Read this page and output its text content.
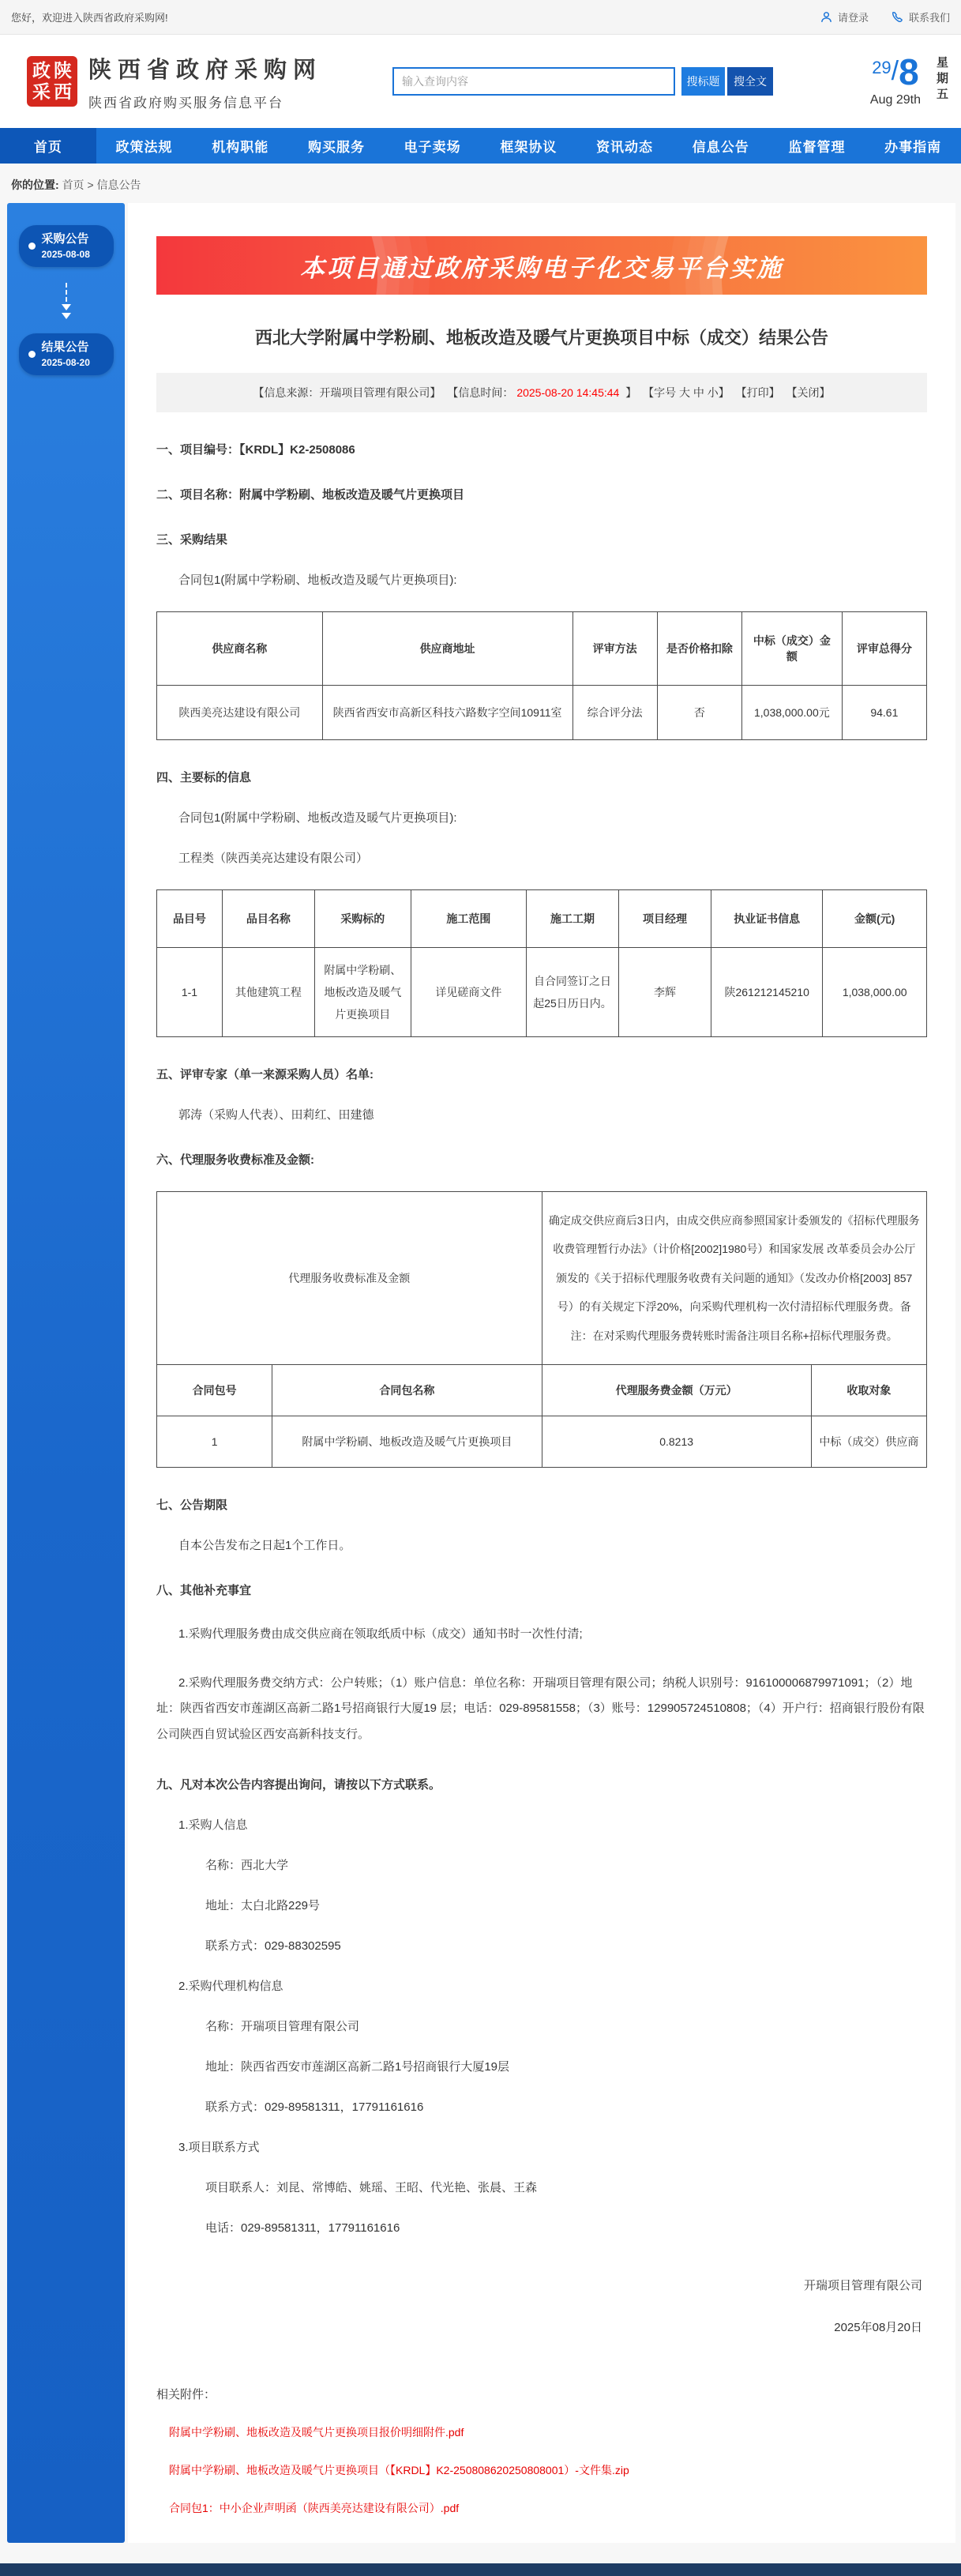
您好，欢迎进入陕西省政府采购网!	请登录	联系我们
政 陕
采 西
陕西省政府采购网
陕西省政府购买服务信息平台
输入查询内容
搜标题	搜全文
29/8
Aug 29th
星
期
五
首页	政策法规	机构职能	购买服务	电子卖场	框架协议	资讯动态	信息公告	监督管理	办事指南
你的位置: 首页 > 信息公告
采购公告
2025-08-08
结果公告
2025-08-20
本项目通过政府采购电子化交易平台实施
西北大学附属中学粉刷、地板改造及暖气片更换项目中标（成交）结果公告
【信息来源：开瑞项目管理有限公司】 【信息时间： 2025-08-20 14:45:44 】 【字号 大 中 小】 【打印】 【关闭】
一、项目编号：【KRDL】K2-2508086
二、项目名称：附属中学粉刷、地板改造及暖气片更换项目
三、采购结果
合同包1(附属中学粉刷、地板改造及暖气片更换项目):
供应商名称	供应商地址	评审方法	是否价格扣除	中标（成交）金额	评审总得分
陕西美亮达建设有限公司	陕西省西安市高新区科技六路数字空间10911室	综合评分法	否	1,038,000.00元	94.61
四、主要标的信息
合同包1(附属中学粉刷、地板改造及暖气片更换项目):
工程类（陕西美亮达建设有限公司）
品目号	品目名称	采购标的	施工范围	施工工期	项目经理	执业证书信息	金额(元)
1-1	其他建筑工程	附属中学粉刷、地板改造及暖气片更换项目	详见磋商文件	自合同签订之日起25日历日内。	李辉	陕261212145210	1,038,000.00
五、评审专家（单一来源采购人员）名单:
郭涛（采购人代表）、田莉红、田建德
六、代理服务收费标准及金额:
代理服务收费标准及金额		确定成交供应商后3日内，由成交供应商参照国家计委颁发的《招标代理服务收费管理暂行办法》（计价格[2002]1980号）和国家发展 改革委员会办公厅颁发的《关于招标代理服务收费有关问题的通知》（发改办价格[2003] 857号）的有关规定下浮20%，向采购代理机构一次付清招标代理服务费。备注：在对采购代理服务费转账时需备注项目名称+招标代理服务费。	
合同包号	合同包名称	代理服务费金额（万元）	收取对象
1	附属中学粉刷、地板改造及暖气片更换项目	0.8213	中标（成交）供应商
七、公告期限
自本公告发布之日起1个工作日。
八、其他补充事宜
1.采购代理服务费由成交供应商在领取纸质中标（成交）通知书时一次性付清;
2.采购代理服务费交纳方式：公户转账；（1）账户信息：单位名称：开瑞项目管理有限公司；纳税人识别号：916100006879971091；（2）地址：陕西省西安市莲湖区高新二路1号招商银行大厦19 层；电话：029-89581558；（3）账号：129905724510808；（4）开户行：招商银行股份有限公司陕西自贸试验区西安高新科技支行。
九、凡对本次公告内容提出询问，请按以下方式联系。
1.采购人信息
名称：西北大学
地址：太白北路229号
联系方式：029-88302595
2.采购代理机构信息
名称：开瑞项目管理有限公司
地址：陕西省西安市莲湖区高新二路1号招商银行大厦19层
联系方式：029-89581311，17791161616
3.项目联系方式
项目联系人：刘昆、常博皓、姚瑶、王昭、代光艳、张晨、王森
电话：029-89581311，17791161616
开瑞项目管理有限公司
2025年08月20日
相关附件：
附属中学粉刷、地板改造及暖气片更换项目报价明细附件.pdf
附属中学粉刷、地板改造及暖气片更换项目（【KRDL】K2-250808620250808001）-文件集.zip
合同包1：中小企业声明函（陕西美亮达建设有限公司）.pdf
